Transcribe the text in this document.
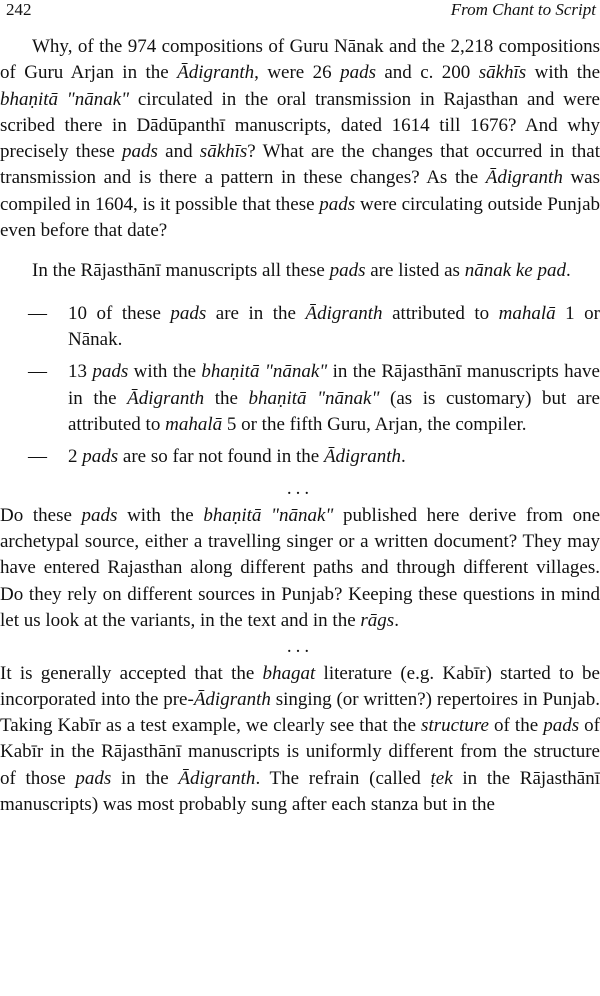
242	From Chant to Script

Why, of the 974 compositions of Guru Nānak and the 2,218 compositions of Guru Arjan in the Ādigranth, were 26 pads and c. 200 sākhīs with the bhaṇitā "nānak" circulated in the oral transmission in Rajasthan and were scribed there in Dādūpanthī manuscripts, dated 1614 till 1676? And why precisely these pads and sākhīs? What are the changes that occurred in that transmission and is there a pattern in these changes? As the Ādigranth was compiled in 1604, is it possible that these pads were circulating outside Punjab even before that date?

In the Rājasthānī manuscripts all these pads are listed as nānak ke pad.

— 10 of these pads are in the Ādigranth attributed to mahalā 1 or Nānak.
— 13 pads with the bhaṇitā "nānak" in the Rājasthānī manuscripts have in the Ādigranth the bhaṇitā "nānak" (as is customary) but are attributed to mahalā 5 or the fifth Guru, Arjan, the compiler.
— 2 pads are so far not found in the Ādigranth.

...

Do these pads with the bhaṇitā "nānak" published here derive from one archetypal source, either a travelling singer or a written document? They may have entered Rajasthan along different paths and through different villages. Do they rely on different sources in Punjab? Keeping these questions in mind let us look at the variants, in the text and in the rāgs.

...

It is generally accepted that the bhagat literature (e.g. Kabīr) started to be incorporated into the pre-Ādigranth singing (or written?) repertoires in Punjab. Taking Kabīr as a test example, we clearly see that the structure of the pads of Kabīr in the Rājasthānī manuscripts is uniformly different from the structure of those pads in the Ādigranth. The refrain (called ṭek in the Rājasthānī manuscripts) was most probably sung after each stanza but in the
